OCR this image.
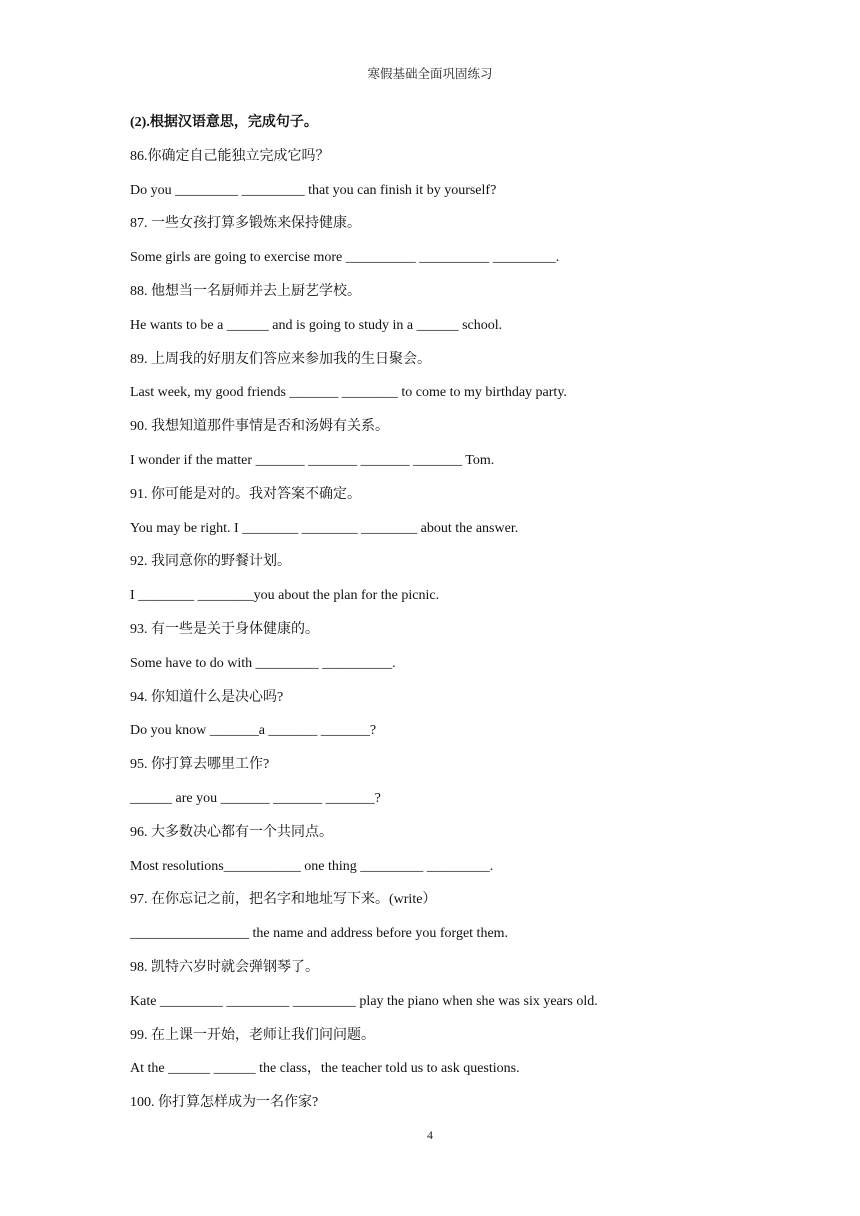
寒假基础全面巩固练习
(2).根据汉语意思，完成句子。
86.你确定自己能独立完成它吗？
Do you _________ _________ that you can finish it by yourself?
87. 一些女孩打算多锻炼来保持健康。
Some girls are going to exercise more __________ __________ _________.
88. 他想当一名厨师并去上厨艺学校。
He wants to be a ______ and is going to study in a ______ school.
89. 上周我的好朋友们答应来参加我的生日聚会。
Last week, my good friends _______ ________ to come to my birthday party.
90. 我想知道那件事情是否和汤姆有关系。
I wonder if the matter _______ _______ _______ _______ Tom.
91. 你可能是对的。我对答案不确定。
You may be right. I ________ ________ ________ about the answer.
92. 我同意你的野餐计划。
I ________ ________you about the plan for the picnic.
93. 有一些是关于身体健康的。
Some have to do with _________ __________.
94. 你知道什么是决心吗?
Do you know _______a _______ _______?
95. 你打算去哪里工作?
______ are you _______ _______ _______?
96. 大多数决心都有一个共同点。
Most resolutions___________ one thing _________ _________.
97. 在你忘记之前，把名字和地址写下来。(write）
_________________ the name and address before you forget them.
98. 凯特六岁时就会弹钢琴了。
Kate _________ _________ _________ play the piano when she was six years old.
99. 在上课一开始，老师让我们问问题。
At the ______ ______ the class，the teacher told us to ask questions.
100. 你打算怎样成为一名作家?
4
